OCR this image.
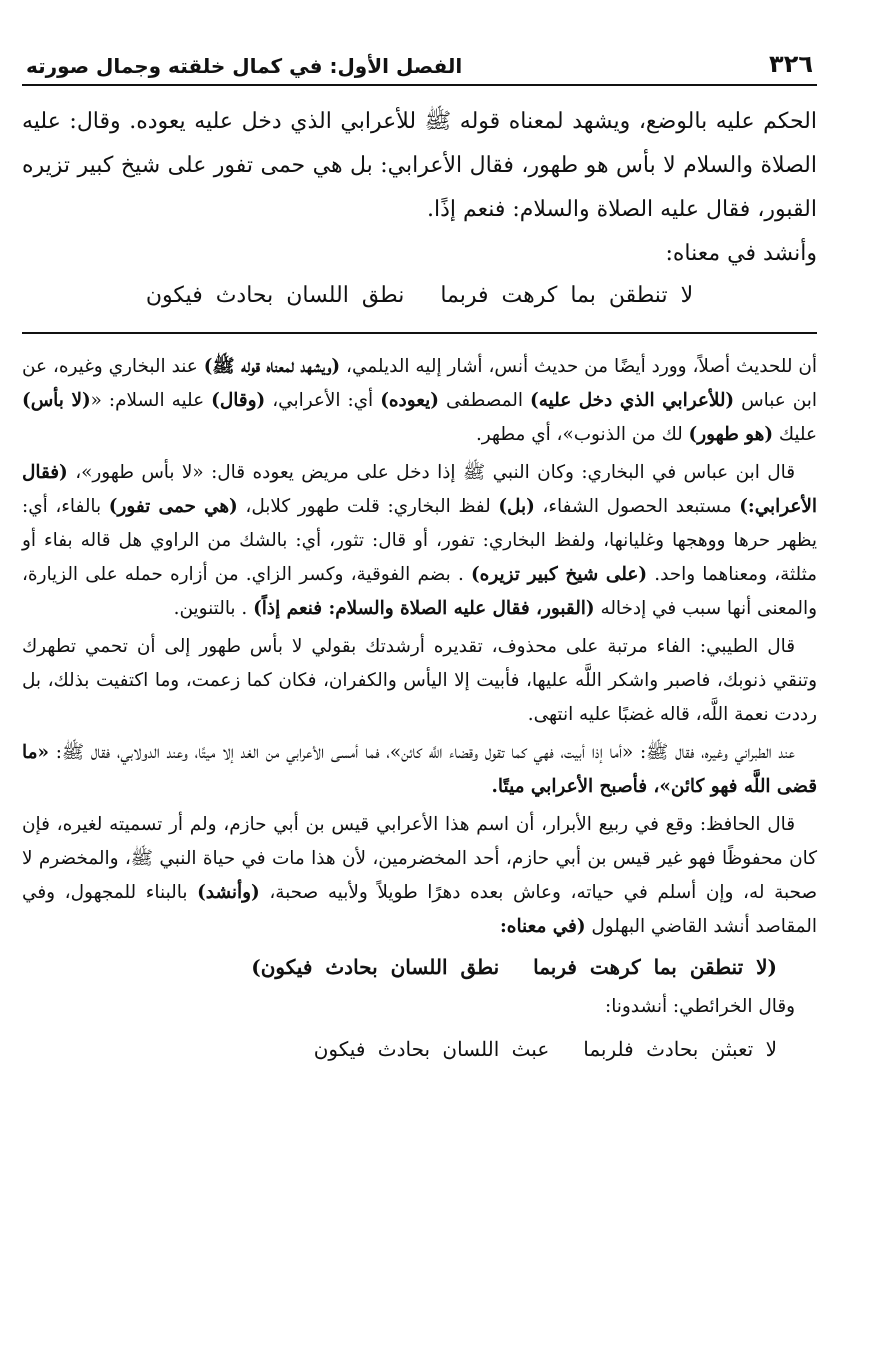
٣٢٦
الفصل الأول: في كمال خلقته وجمال صورته

الحكم عليه بالوضع، ويشهد لمعناه قوله ﷺ للأعرابي الذي دخل عليه يعوده. وقال: عليه الصلاة والسلام لا بأس هو طهور، فقال الأعرابي: بل هي حمى تفور على شيخ كبير تزيره القبور، فقال عليه الصلاة والسلام: فنعم إذًا.

وأنشد في معناه:

لا تنطقن بما كرهت فربمانطق اللسان بحادث فيكون

أن للحديث أصلاً، وورد أيضًا من حديث أنس، أشار إليه الديلمي، (ويشهد لمعناه قوله ﷺ) عند البخاري وغيره، عن ابن عباس (للأعرابي الذي دخل عليه) المصطفى (يعوده) أي: الأعرابي، (وقال) عليه السلام: «(لا بأس) عليك (هو طهور) لك من الذنوب»، أي مطهر.

قال ابن عباس في البخاري: وكان النبي ﷺ إذا دخل على مريض يعوده قال: «لا بأس طهور»، (فقال الأعرابي:) مستبعد الحصول الشفاء، (بل) لفظ البخاري: قلت طهور كلابل، (هي حمى تفور) بالفاء، أي: يظهر حرها ووهجها وغليانها، ولفظ البخاري: تفور، أو قال: تثور، أي: بالشك من الراوي هل قاله بفاء أو مثلثة، ومعناهما واحد. (على شيخ كبير تزيره) . بضم الفوقية، وكسر الزاي. من أزاره حمله على الزيارة، والمعنى أنها سبب في إدخاله (القبور، فقال عليه الصلاة والسلام: فنعم إذاً) . بالتنوين.

قال الطيبي: الفاء مرتبة على محذوف، تقديره أرشدتك بقولي لا بأس طهور إلى أن تحمي تطهرك وتنقي ذنوبك، فاصبر واشكر اللَّه عليها، فأبيت إلا اليأس والكفران، فكان كما زعمت، وما اكتفيت بذلك، بل رددت نعمة اللَّه، قاله غضبًا عليه انتهى.

عند الطبراني وغيره، فقال ﷺ: «أما إذا أبيت، فهي كما تقول وقضاء اللَّه كائن»، فما أمسى الأعرابي من الغد إلا ميتًا، وعند الدولابي، فقال ﷺ: «ما قضى اللَّه فهو كائن»، فأصبح الأعرابي ميتًا.

قال الحافظ: وقع في ربيع الأبرار، أن اسم هذا الأعرابي قيس بن أبي حازم، ولم أر تسميته لغيره، فإن كان محفوظًا فهو غير قيس بن أبي حازم، أحد المخضرمين، لأن هذا مات في حياة النبي ﷺ، والمخضرم لا صحبة له، وإن أسلم في حياته، وعاش بعده دهرًا طويلاً ولأبيه صحبة، (وأنشد) بالبناء للمجهول، وفي المقاصد أنشد القاضي البهلول (في معناه:

(لا تنطقن بما كرهت فربمانطق اللسان بحادث فيكون)

وقال الخرائطي: أنشدونا:

لا تعبثن بحادث فلربماعبث اللسان بحادث فيكون
